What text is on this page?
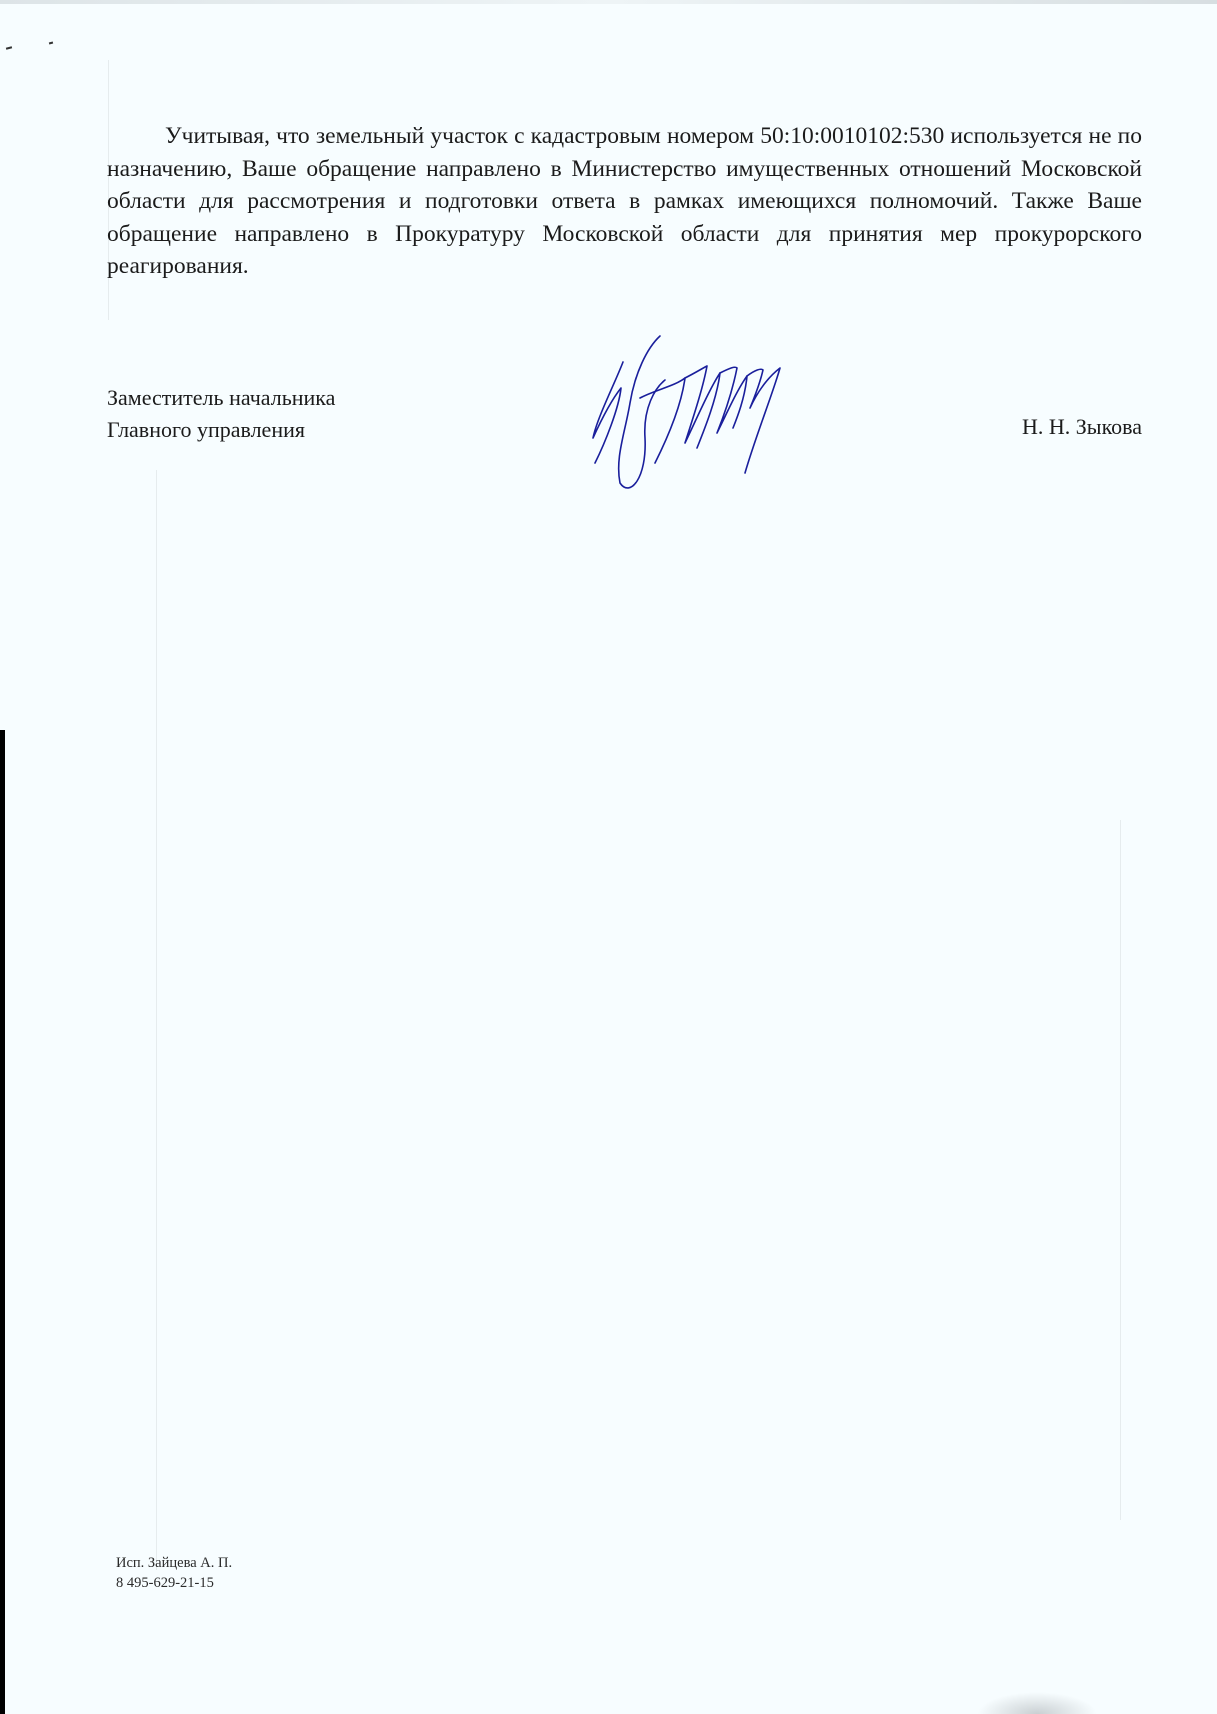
Учитывая, что земельный участок с кадастровым номером 50:10:0010102:530 используется не по назначению, Ваше обращение направлено в Министерство имущественных отношений Московской области для рассмотрения и подготовки ответа в рамках имеющихся полномочий. Также Ваше обращение направлено в Прокуратуру Московской области для принятия мер прокурорского реагирования.

Заместитель начальника
Главного управления	Н. Н. Зыкова
Исп. Зайцева А. П.
8 495-629-21-15
